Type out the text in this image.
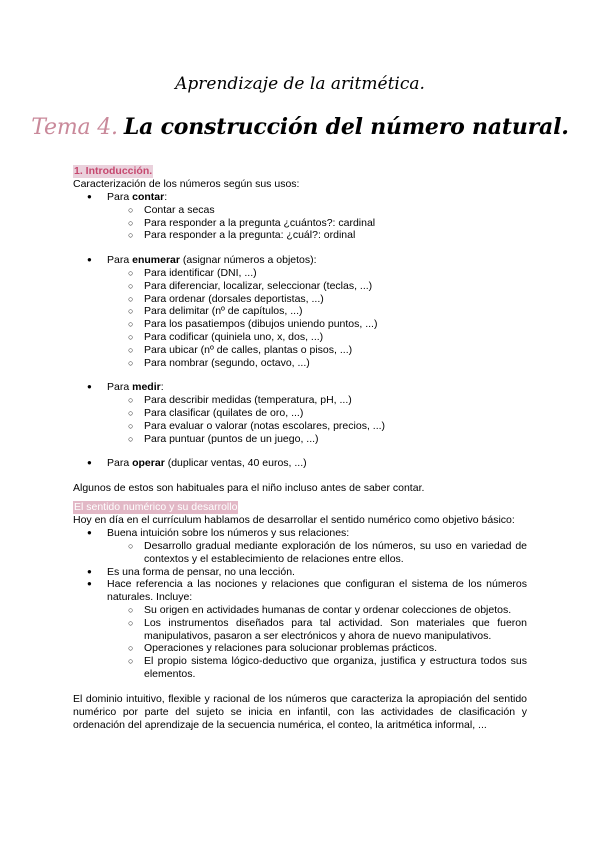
Aprendizaje de la aritmética.
Tema 4. La construcción del número natural.
1. Introducción.

Caracterización de los números según sus usos:

● Para contar:
○ Contar a secas
○ Para responder a la pregunta ¿cuántos?: cardinal
○ Para responder a la pregunta: ¿cuál?: ordinal
● Para enumerar (asignar números a objetos):
○ Para identificar (DNI, ...)
○ Para diferenciar, localizar, seleccionar (teclas, ...)
○ Para ordenar (dorsales deportistas, ...)
○ Para delimitar (nº de capítulos, ...)
○ Para los pasatiempos (dibujos uniendo puntos, ...)
○ Para codificar (quiniela uno, x, dos, ...)
○ Para ubicar (nº de calles, plantas o pisos, ...)
○ Para nombrar (segundo, octavo, ...)
● Para medir:
○ Para describir medidas (temperatura, pH, ...)
○ Para clasificar (quilates de oro, ...)
○ Para evaluar o valorar (notas escolares, precios, ...)
○ Para puntuar (puntos de un juego, ...)
● Para operar (duplicar ventas, 40 euros, ...)

Algunos de estos son habituales para el niño incluso antes de saber contar.

El sentido numérico y su desarrollo

Hoy en día en el currículum hablamos de desarrollar el sentido numérico como objetivo básico:

● Buena intuición sobre los números y sus relaciones:
○ Desarrollo gradual mediante exploración de los números, su uso en variedad de contextos y el establecimiento de relaciones entre ellos.
● Es una forma de pensar, no una lección.
● Hace referencia a las nociones y relaciones que configuran el sistema de los números naturales. Incluye:
○ Su origen en actividades humanas de contar y ordenar colecciones de objetos.
○ Los instrumentos diseñados para tal actividad. Son materiales que fueron manipulativos, pasaron a ser electrónicos y ahora de nuevo manipulativos.
○ Operaciones y relaciones para solucionar problemas prácticos.
○ El propio sistema lógico-deductivo que organiza, justifica y estructura todos sus elementos.

El dominio intuitivo, flexible y racional de los números que caracteriza la apropiación del sentido numérico por parte del sujeto se inicia en infantil, con las actividades de clasificación y ordenación del aprendizaje de la secuencia numérica, el conteo, la aritmética informal, ...
